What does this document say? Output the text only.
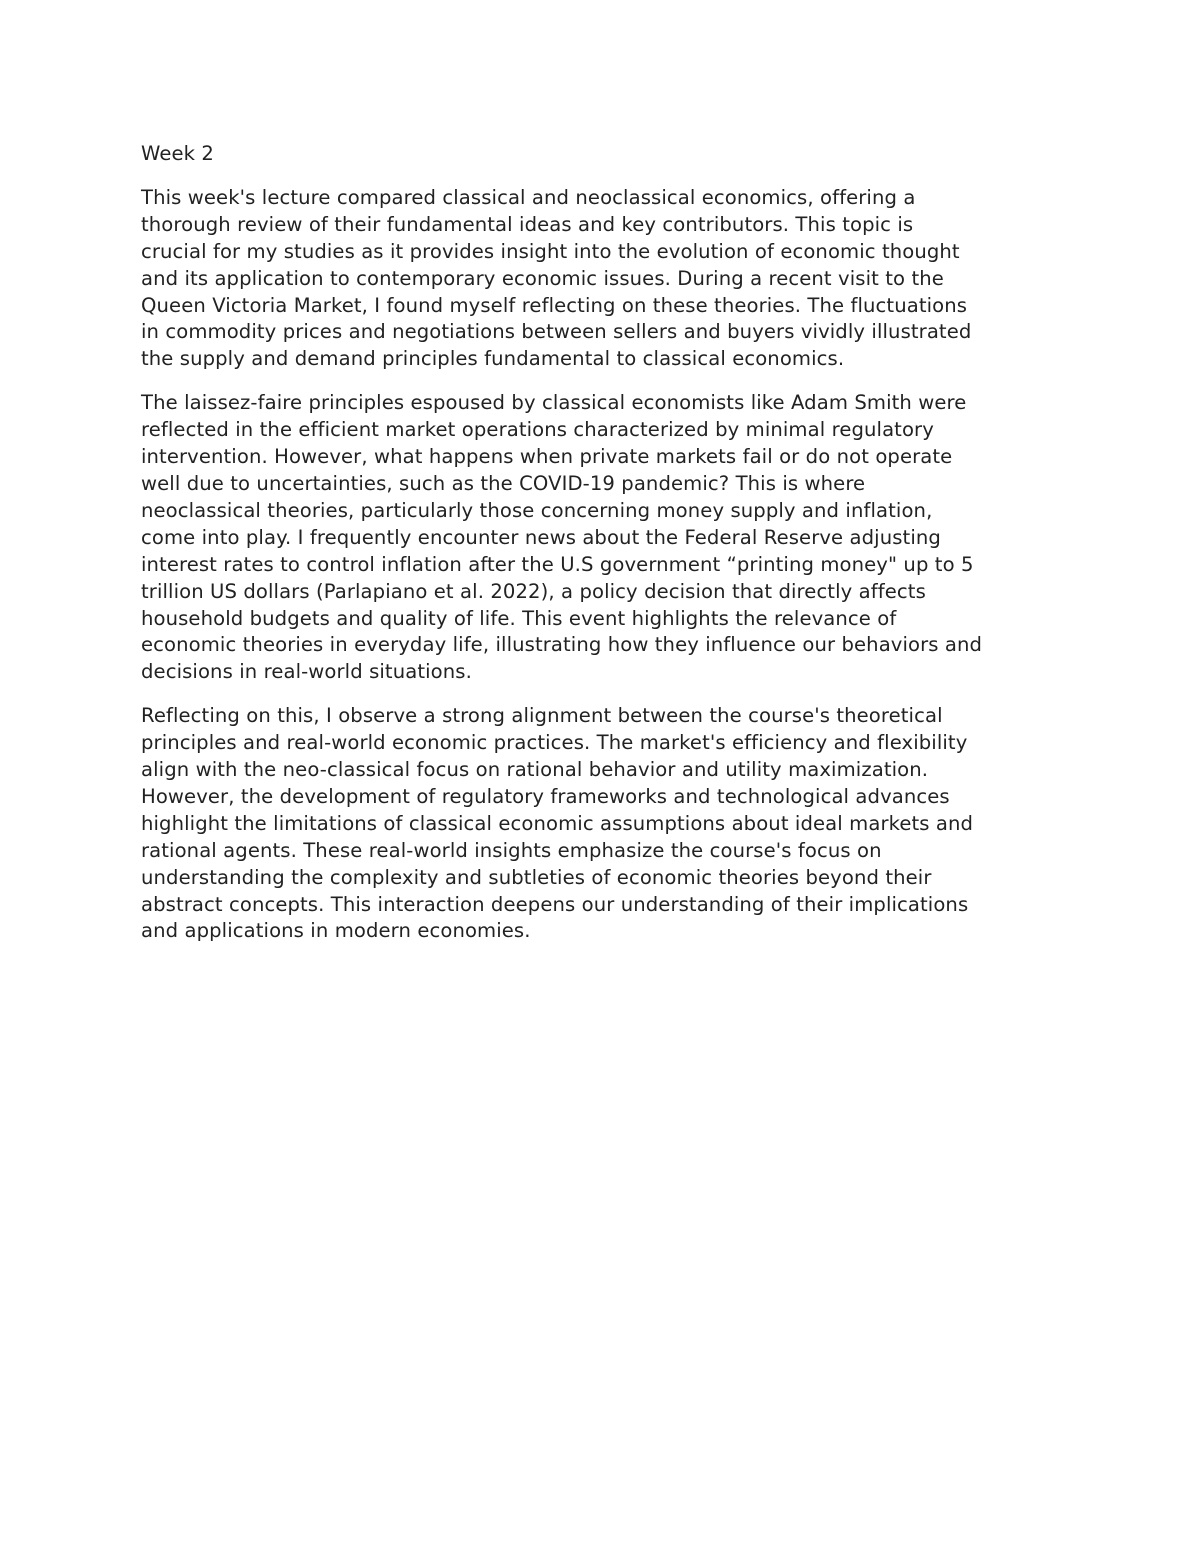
Week 2
This week's lecture compared classical and neoclassical economics, offering a
thorough review of their fundamental ideas and key contributors. This topic is
crucial for my studies as it provides insight into the evolution of economic thought
and its application to contemporary economic issues. During a recent visit to the
Queen Victoria Market, I found myself reflecting on these theories. The fluctuations
in commodity prices and negotiations between sellers and buyers vividly illustrated
the supply and demand principles fundamental to classical economics.
The laissez-faire principles espoused by classical economists like Adam Smith were
reflected in the efficient market operations characterized by minimal regulatory
intervention. However, what happens when private markets fail or do not operate
well due to uncertainties, such as the COVID-19 pandemic? This is where
neoclassical theories, particularly those concerning money supply and inflation,
come into play. I frequently encounter news about the Federal Reserve adjusting
interest rates to control inflation after the U.S government “printing money" up to 5
trillion US dollars (Parlapiano et al. 2022), a policy decision that directly affects
household budgets and quality of life. This event highlights the relevance of
economic theories in everyday life, illustrating how they influence our behaviors and
decisions in real-world situations.
Reflecting on this, I observe a strong alignment between the course's theoretical
principles and real-world economic practices. The market's efficiency and flexibility
align with the neo-classical focus on rational behavior and utility maximization.
However, the development of regulatory frameworks and technological advances
highlight the limitations of classical economic assumptions about ideal markets and
rational agents. These real-world insights emphasize the course's focus on
understanding the complexity and subtleties of economic theories beyond their
abstract concepts. This interaction deepens our understanding of their implications
and applications in modern economies.
